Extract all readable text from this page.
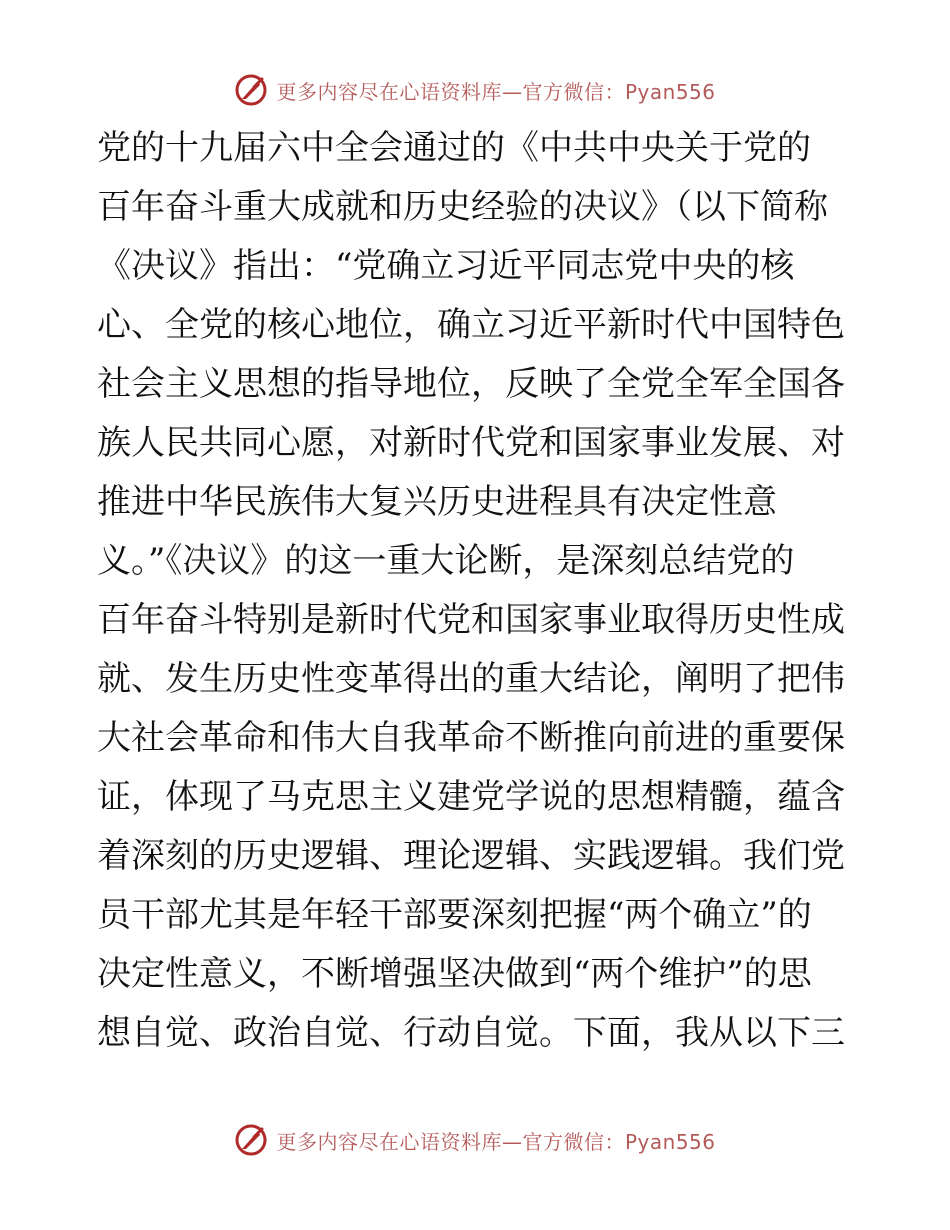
更多内容尽在心语资料库—官方微信：Pyan556
党的十九届六中全会通过的《中共中央关于党的
百年奋斗重大成就和历史经验的决议》（以下简称
《决议》指出：“党确立习近平同志党中央的核
心、全党的核心地位，确立习近平新时代中国特色
社会主义思想的指导地位，反映了全党全军全国各
族人民共同心愿，对新时代党和国家事业发展、对
推进中华民族伟大复兴历史进程具有决定性意
义。”《决议》的这一重大论断，是深刻总结党的
百年奋斗特别是新时代党和国家事业取得历史性成
就、发生历史性变革得出的重大结论，阐明了把伟
大社会革命和伟大自我革命不断推向前进的重要保
证，体现了马克思主义建党学说的思想精髓，蕴含
着深刻的历史逻辑、理论逻辑、实践逻辑。我们党
员干部尤其是年轻干部要深刻把握“两个确立”的
决定性意义，不断增强坚决做到“两个维护”的思
想自觉、政治自觉、行动自觉。下面，我从以下三
更多内容尽在心语资料库—官方微信：Pyan556
